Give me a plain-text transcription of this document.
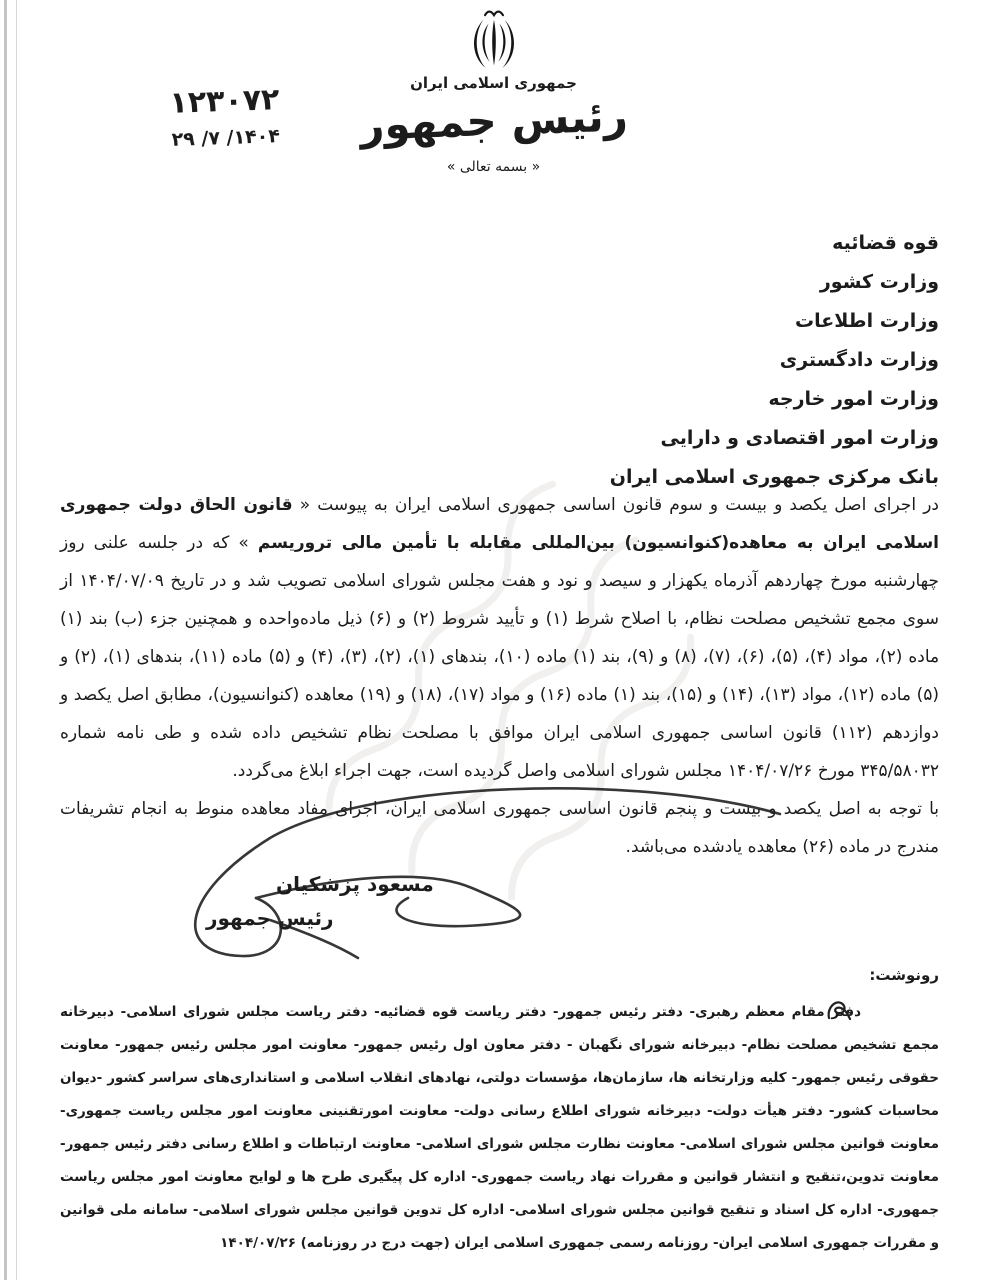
جمهوری اسلامی ایران
رئیس جمهور
« بسمه تعالی »
۱۲۳۰۷۲
۱۴۰۴/ ۷/ ۲۹
قوه قضائیه
وزارت کشور
وزارت اطلاعات
وزارت دادگستری
وزارت امور خارجه
وزارت امور اقتصادی و دارایی
بانک مرکزی جمهوری اسلامی ایران

در اجرای اصل یکصد و بیست و سوم قانون اساسی جمهوری اسلامی ایران به پیوست « قانون الحاق دولت جمهوری اسلامی ایران به معاهده(کنوانسیون) بین‌المللی مقابله با تأمین مالی تروریسم » که در جلسه علنی روز چهارشنبه مورخ چهاردهم آذرماه یکهزار و سیصد و نود و هفت مجلس شورای اسلامی تصویب شد و در تاریخ ۱۴۰۴/۰۷/۰۹ از سوی مجمع تشخیص مصلحت نظام، با اصلاح شرط (۱) و تأیید شروط (۲) و (۶) ذیل ماده‌واحده و همچنین جزء (ب) بند (۱) ماده (۲)، مواد (۴)، (۵)، (۶)، (۷)، (۸) و (۹)، بند (۱) ماده (۱۰)، بندهای (۱)، (۲)، (۳)، (۴) و (۵) ماده (۱۱)، بندهای (۱)، (۲) و (۵) ماده (۱۲)، مواد (۱۳)، (۱۴) و (۱۵)، بند (۱) ماده (۱۶) و مواد (۱۷)، (۱۸) و (۱۹) معاهده (کنوانسیون)، مطابق اصل یکصد و دوازدهم (۱۱۲) قانون اساسی جمهوری اسلامی ایران موافق با مصلحت نظام تشخیص داده شده و طی نامه شماره ۳۴۵/۵۸۰۳۲ مورخ ۱۴۰۴/۰۷/۲۶ مجلس شورای اسلامی واصل گردیده است، جهت اجراء ابلاغ می‌گردد.

با توجه به اصل یکصد و بیست و پنجم قانون اساسی جمهوری اسلامی ایران، اجرای مفاد معاهده منوط به انجام تشریفات مندرج در ماده (۲۶) معاهده یادشده می‌باشد.

مسعود پزشکیان
رئیس جمهور
رونوشت:

دفتر مقام معظم رهبری- دفتر رئیس جمهور- دفتر ریاست قوه قضائیه- دفتر ریاست مجلس شورای اسلامی- دبیرخانه مجمع تشخیص مصلحت نظام- دبیرخانه شورای نگهبان - دفتر معاون اول رئیس جمهور- معاونت امور مجلس رئیس جمهور- معاونت حقوقی رئیس جمهور- کلیه وزارتخانه ها، سازمان‌ها، مؤسسات دولتی، نهادهای انقلاب اسلامی و استانداری‌های سراسر کشور -دیوان محاسبات کشور- دفتر هیأت دولت- دبیرخانه شورای اطلاع رسانی دولت- معاونت امورتقنینی معاونت امور مجلس ریاست جمهوری- معاونت قوانین مجلس شورای اسلامی- معاونت نظارت مجلس شورای اسلامی- معاونت ارتباطات و اطلاع رسانی دفتر رئیس جمهور- معاونت تدوین،تنقیح و انتشار قوانین و مقررات نهاد ریاست جمهوری- اداره کل پیگیری طرح ها و لوایح معاونت امور مجلس ریاست جمهوری- اداره کل اسناد و تنقیح قوانین مجلس شورای اسلامی- اداره کل تدوین قوانین مجلس شورای اسلامی- سامانه ملی قوانین و مقررات جمهوری اسلامی ایران- روزنامه رسمی جمهوری اسلامی ایران (جهت درج در روزنامه) ۱۴۰۴/۰۷/۲۶
